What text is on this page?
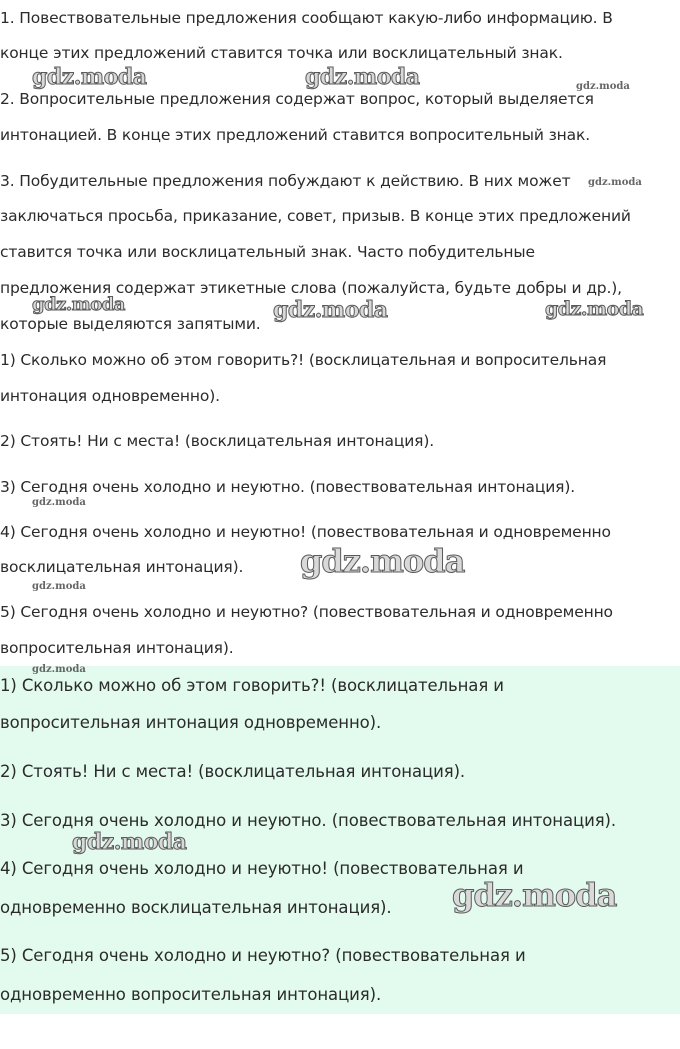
1. Повествовательные предложения сообщают какую-либо информацию. В
конце этих предложений ставится точка или восклицательный знак.
2. Вопросительные предложения содержат вопрос, который выделяется
интонацией. В конце этих предложений ставится вопросительный знак.
3. Побудительные предложения побуждают к действию. В них может
заключаться просьба, приказание, совет, призыв. В конце этих предложений
ставится точка или восклицательный знак. Часто побудительные
предложения содержат этикетные слова (пожалуйста, будьте добры и др.),
которые выделяются запятыми.
1) Сколько можно об этом говорить?! (восклицательная и вопросительная
интонация одновременно).
2) Стоять! Ни с места! (восклицательная интонация).
3) Сегодня очень холодно и неуютно. (повествовательная интонация).
4) Сегодня очень холодно и неуютно! (повествовательная и одновременно
восклицательная интонация).
5) Сегодня очень холодно и неуютно? (повествовательная и одновременно
вопросительная интонация).
1) Сколько можно об этом говорить?! (восклицательная и
вопросительная интонация одновременно).
2) Стоять! Ни с места! (восклицательная интонация).
3) Сегодня очень холодно и неуютно. (повествовательная интонация).
4) Сегодня очень холодно и неуютно! (повествовательная и
одновременно восклицательная интонация).
5) Сегодня очень холодно и неуютно? (повествовательная и
одновременно вопросительная интонация).
gdz.moda	gdz.moda	gdz.moda
gdz.moda
gdz.moda	gdz.moda	gdz.moda
gdz.moda
gdz.moda
gdz.moda
gdz.moda
gdz.moda
gdz.moda
